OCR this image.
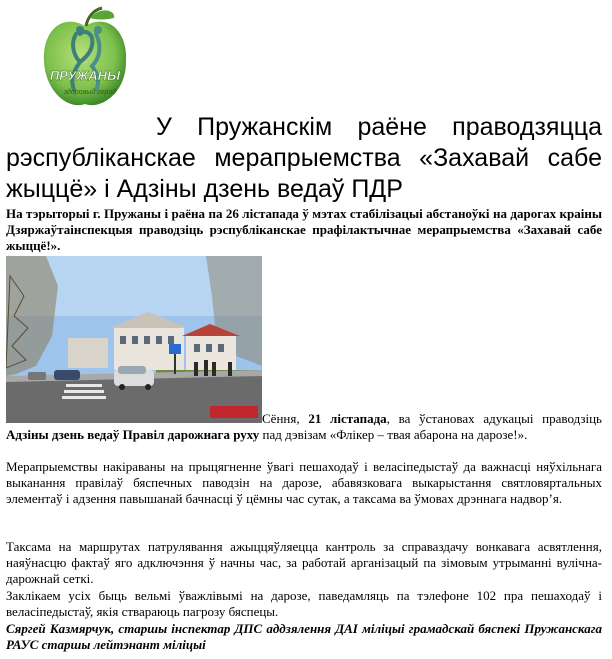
ПРУЖАНЫ
здоровый город
У Пружанскім раёне праводзяцца рэспубліканскае мерапрыемства «Захавай сабе жыццё» і Адзіны дзень ведаў ПДР

На тэрыторыі г. Пружаны і раёна па 26 лістапада ў мэтах стабілізацыі абстаноўкі на дарогах краіны Дзяржаўтаінспекцыя праводзіць рэспубліканскае прафілактычнае мерапрыемства «Захавай сабе жыццё!».

Сёння, 21 лістапада, ва ўстановах адукацыі праводзіць Адзіны дзень ведаў Правіл дарожнага руху пад дэвізам «Флікер – твая абарона на дарозе!».

Мерапрыемствы накіраваны на прыцягненне ўвагі пешаходаў і веласіпедыстаў да важнасці няўхільнага выканання правілаў бяспечных паводзін на дарозе, абавязковага выкарыстання святловяртальных элементаў і адзення павышанай бачнасці ў цёмны час сутак, а таксама ва ўмовах дрэннага надвор’я.

Таксама на маршрутах патрулявання ажыццяўляецца кантроль за справаздачу вонкавага асвятлення, наяўнасцю фактаў яго адключэння ў начны час, за работай арганізацый па зімовым утрыманні вулічна-дарожнай сеткі.

Заклікаем усіх быць вельмі ўважлівымі на дарозе, паведамляць па тэлефоне 102 пра пешаходаў і веласіпедыстаў, якія ствараюць пагрозу бяспецы.

Сяргей Казмярчук, старшы інспектар ДПС аддзялення ДАІ міліцыі грамадскай бяспекі Пружанскага РАУС старшы лейтэнант міліцыі
